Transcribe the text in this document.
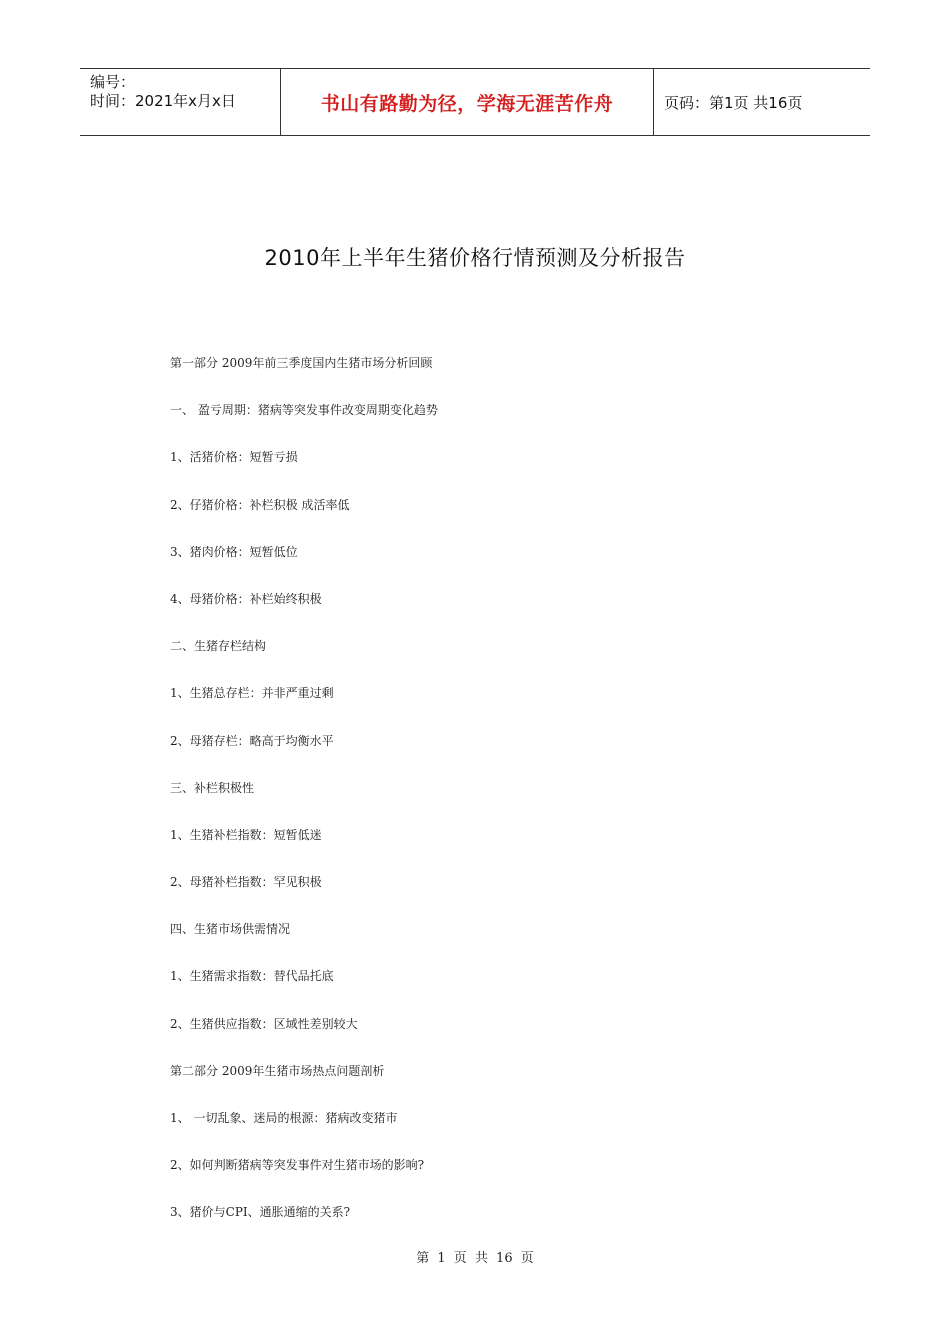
编号：
时间：2021年x月x日	书山有路勤为径，学海无涯苦作舟	页码：第1页 共16页
2010年上半年生猪价格行情预测及分析报告
第一部分 2009年前三季度国内生猪市场分析回顾
一、 盈亏周期：猪病等突发事件改变周期变化趋势
1、活猪价格：短暂亏损
2、仔猪价格：补栏积极 成活率低
3、猪肉价格：短暂低位
4、母猪价格：补栏始终积极
二、生猪存栏结构
1、生猪总存栏：并非严重过剩
2、母猪存栏：略高于均衡水平
三、补栏积极性
1、生猪补栏指数：短暂低迷
2、母猪补栏指数：罕见积极
四、生猪市场供需情况
1、生猪需求指数：替代品托底
2、生猪供应指数：区域性差别较大
第二部分 2009年生猪市场热点问题剖析
1、 一切乱象、迷局的根源：猪病改变猪市
2、如何判断猪病等突发事件对生猪市场的影响?
3、猪价与CPI、通胀通缩的关系?
第 1 页 共 16 页
